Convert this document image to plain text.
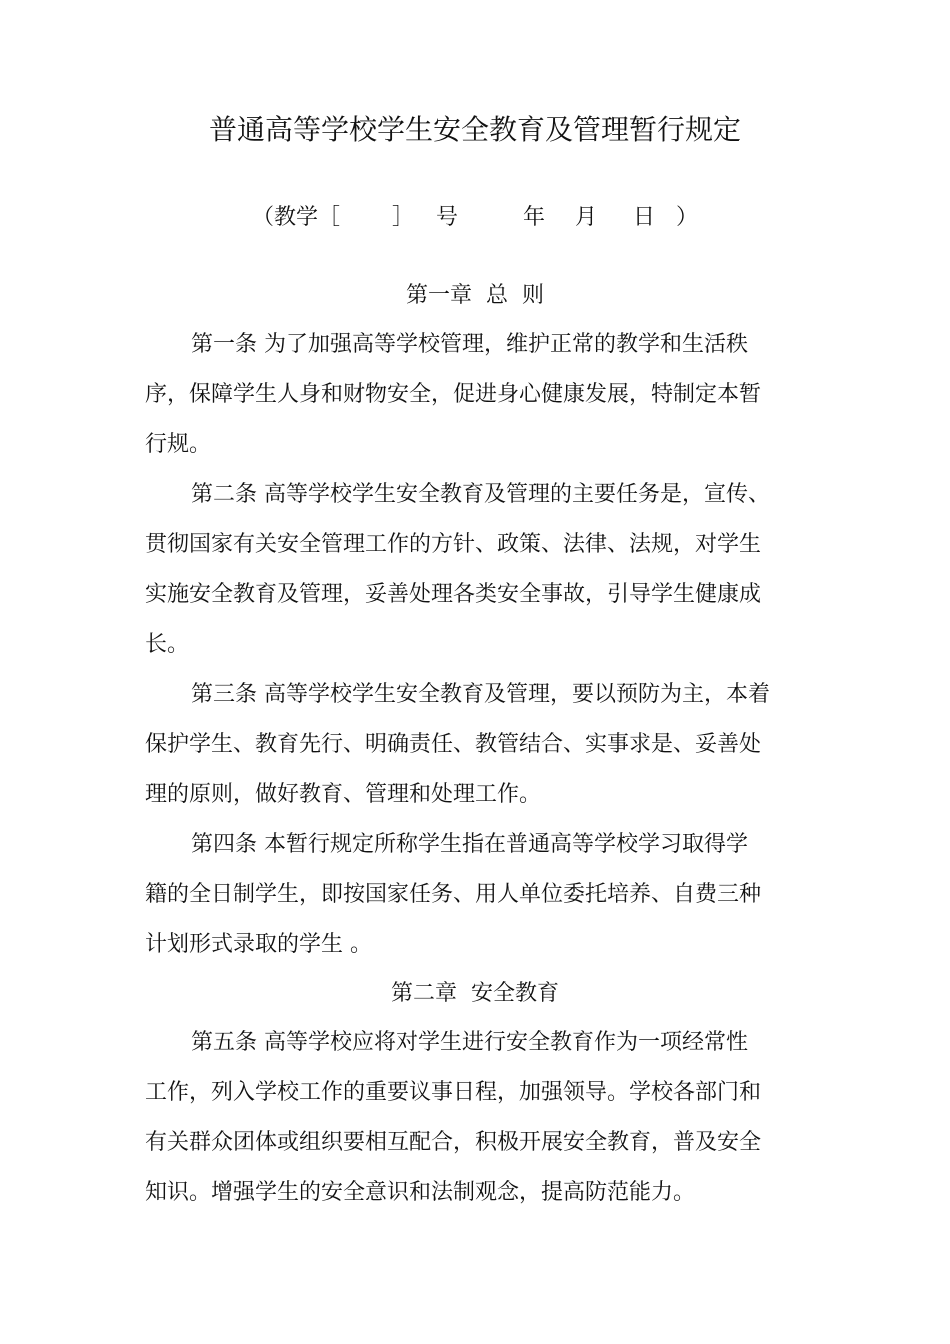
普通高等学校学生安全教育及管理暂行规定
（教学［ ］ 号	年 月 日 ）
第一章 总  则
第一条 为了加强高等学校管理，维护正常的教学和生活秩
序，保障学生人身和财物安全，促进身心健康发展，特制定本暂
行规。
第二条 高等学校学生安全教育及管理的主要任务是，宣传、
贯彻国家有关安全管理工作的方针、政策、法律、法规，对学生
实施安全教育及管理，妥善处理各类安全事故，引导学生健康成
长。
第三条 高等学校学生安全教育及管理，要以预防为主，本着
保护学生、教育先行、明确责任、教管结合、实事求是、妥善处
理的原则，做好教育、管理和处理工作。
第四条 本暂行规定所称学生指在普通高等学校学习取得学
籍的全日制学生，即按国家任务、用人单位委托培养、自费三种
计划形式录取的学生 。
第二章 安全教育
第五条 高等学校应将对学生进行安全教育作为一项经常性
工作，列入学校工作的重要议事日程，加强领导。学校各部门和
有关群众团体或组织要相互配合，积极开展安全教育，普及安全
知识。增强学生的安全意识和法制观念，提高防范能力。
